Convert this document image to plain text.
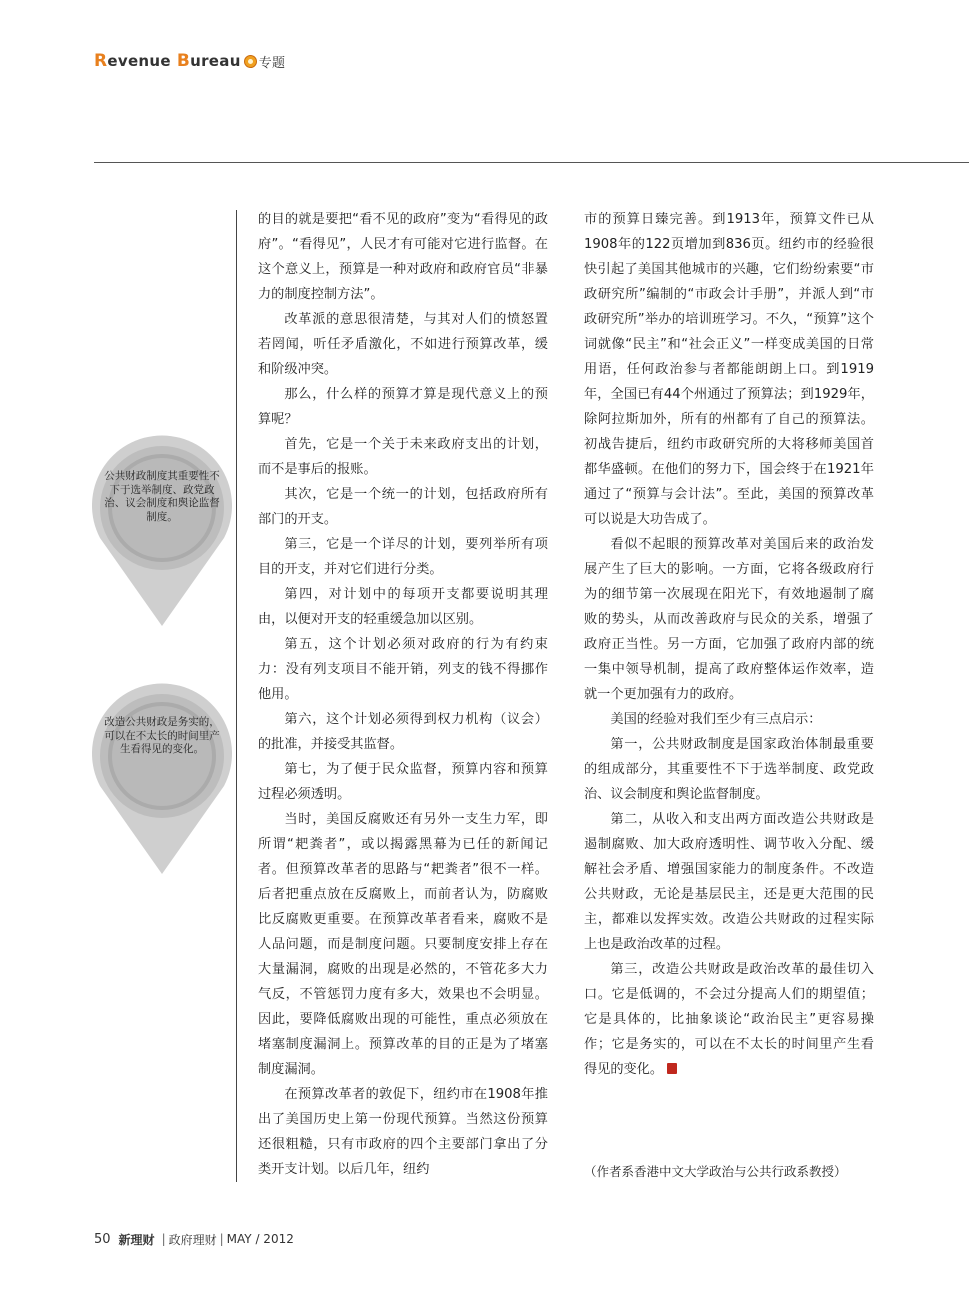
R evenue B ureau 专题
公共财政制度其重要性不下于选举制度、政党政治、议会制度和舆论监督制度。
改造公共财政是务实的，可以在不太长的时间里产生看得见的变化。

的目的就是要把“看不见的政府”变为“看得见的政府”。“看得见”，人民才有可能对它进行监督。在这个意义上，预算是一种对政府和政府官员“非暴力的制度控制方法”。

改革派的意思很清楚，与其对人们的愤怒置若罔闻，听任矛盾激化，不如进行预算改革，缓和阶级冲突。

那么，什么样的预算才算是现代意义上的预算呢？

首先，它是一个关于未来政府支出的计划，而不是事后的报账。

其次，它是一个统一的计划，包括政府所有部门的开支。

第三，它是一个详尽的计划，要列举所有项目的开支，并对它们进行分类。

第四，对计划中的每项开支都要说明其理由，以便对开支的轻重缓急加以区别。

第五，这个计划必须对政府的行为有约束力：没有列支项目不能开销，列支的钱不得挪作他用。

第六，这个计划必须得到权力机构（议会）的批准，并接受其监督。

第七，为了便于民众监督，预算内容和预算过程必须透明。

当时，美国反腐败还有另外一支生力军，即所谓“耙粪者”，或以揭露黑幕为已任的新闻记者。但预算改革者的思路与“耙粪者”很不一样。后者把重点放在反腐败上，而前者认为，防腐败比反腐败更重要。在预算改革者看来，腐败不是人品问题，而是制度问题。只要制度安排上存在大量漏洞，腐败的出现是必然的，不管花多大力气反，不管惩罚力度有多大，效果也不会明显。因此，要降低腐败出现的可能性，重点必须放在堵塞制度漏洞上。预算改革的目的正是为了堵塞制度漏洞。

在预算改革者的敦促下，纽约市在1908年推出了美国历史上第一份现代预算。当然这份预算还很粗糙，只有市政府的四个主要部门拿出了分类开支计划。以后几年，纽约

市的预算日臻完善。到1913年，预算文件已从1908年的122页增加到836页。纽约市的经验很快引起了美国其他城市的兴趣，它们纷纷索要“市政研究所”编制的“市政会计手册”，并派人到“市政研究所”举办的培训班学习。不久，“预算”这个词就像“民主”和“社会正义”一样变成美国的日常用语，任何政治参与者都能朗朗上口。到1919年，全国已有44个州通过了预算法；到1929年，除阿拉斯加外，所有的州都有了自己的预算法。初战告捷后，纽约市政研究所的大将移师美国首都华盛顿。在他们的努力下，国会终于在1921年通过了“预算与会计法”。至此，美国的预算改革可以说是大功告成了。

看似不起眼的预算改革对美国后来的政治发展产生了巨大的影响。一方面，它将各级政府行为的细节第一次展现在阳光下，有效地遏制了腐败的势头，从而改善政府与民众的关系，增强了政府正当性。另一方面，它加强了政府内部的统一集中领导机制，提高了政府整体运作效率，造就一个更加强有力的政府。

美国的经验对我们至少有三点启示：

第一，公共财政制度是国家政治体制最重要的组成部分，其重要性不下于选举制度、政党政治、议会制度和舆论监督制度。

第二，从收入和支出两方面改造公共财政是遏制腐败、加大政府透明性、调节收入分配、缓解社会矛盾、增强国家能力的制度条件。不改造公共财政，无论是基层民主，还是更大范围的民主，都难以发挥实效。改造公共财政的过程实际上也是政治改革的过程。

第三，改造公共财政是政治改革的最佳切入口。它是低调的，不会过分提高人们的期望值；它是具体的，比抽象谈论“政治民主”更容易操作；它是务实的，可以在不太长的时间里产生看得见的变化。

（作者系香港中文大学政治与公共行政系教授）
50 新理财 | 政府理财 | MAY / 2012
